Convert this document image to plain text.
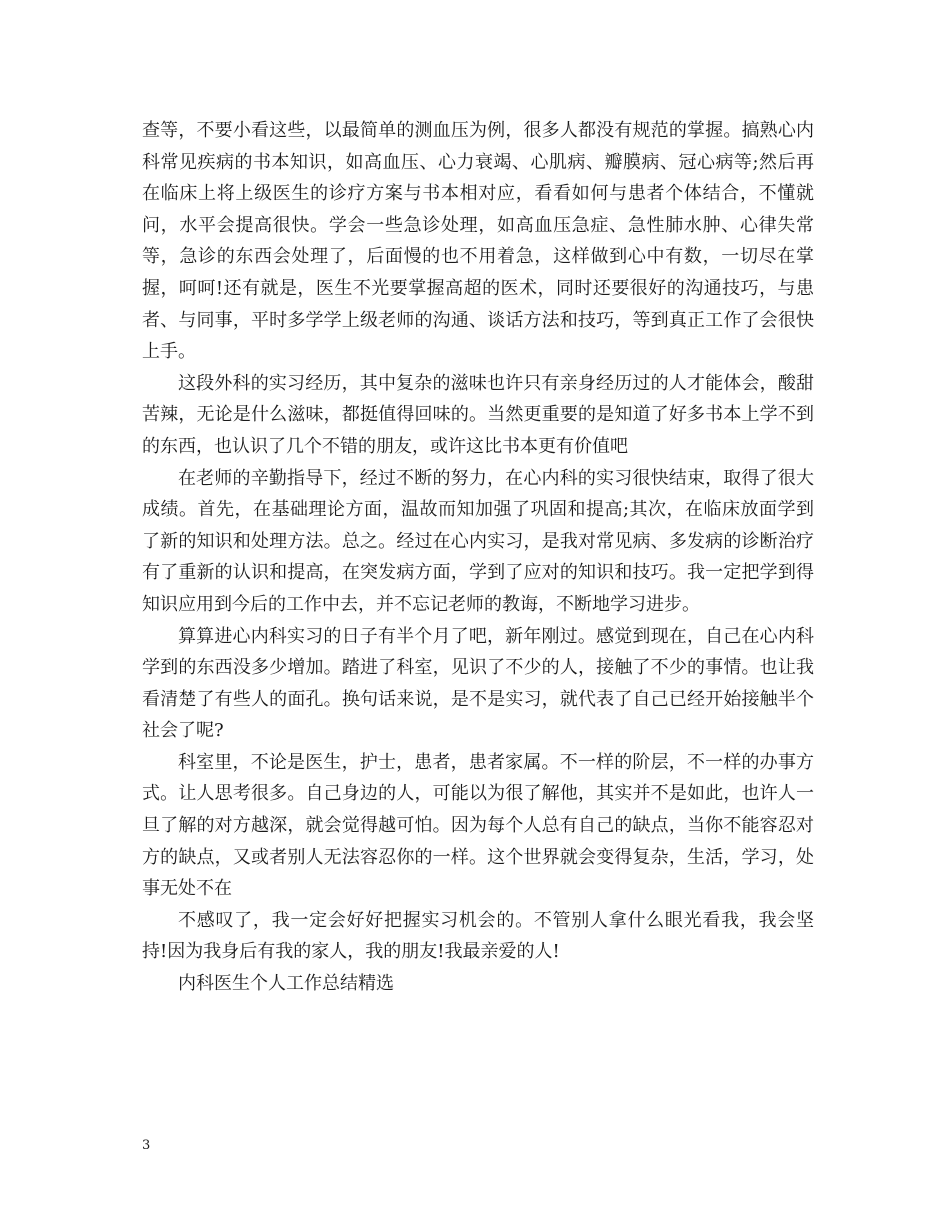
查等，不要小看这些，以最简单的测血压为例，很多人都没有规范的掌握。搞熟心内科常见疾病的书本知识，如高血压、心力衰竭、心肌病、瓣膜病、冠心病等;然后再在临床上将上级医生的诊疗方案与书本相对应，看看如何与患者个体结合，不懂就问，水平会提高很快。学会一些急诊处理，如高血压急症、急性肺水肿、心律失常等，急诊的东西会处理了，后面慢的也不用着急，这样做到心中有数，一切尽在掌握，呵呵!还有就是，医生不光要掌握高超的医术，同时还要很好的沟通技巧，与患者、与同事，平时多学学上级老师的沟通、谈话方法和技巧，等到真正工作了会很快上手。

这段外科的实习经历，其中复杂的滋味也许只有亲身经历过的人才能体会，酸甜苦辣，无论是什么滋味，都挺值得回味的。当然更重要的是知道了好多书本上学不到的东西，也认识了几个不错的朋友，或许这比书本更有价值吧

在老师的辛勤指导下，经过不断的努力，在心内科的实习很快结束，取得了很大成绩。首先，在基础理论方面，温故而知加强了巩固和提高;其次，在临床放面学到了新的知识和处理方法。总之。经过在心内实习，是我对常见病、多发病的诊断治疗有了重新的认识和提高，在突发病方面，学到了应对的知识和技巧。我一定把学到得知识应用到今后的工作中去，并不忘记老师的教诲，不断地学习进步。

算算进心内科实习的日子有半个月了吧，新年刚过。感觉到现在，自己在心内科学到的东西没多少增加。踏进了科室，见识了不少的人，接触了不少的事情。也让我看清楚了有些人的面孔。换句话来说，是不是实习，就代表了自己已经开始接触半个社会了呢?

科室里，不论是医生，护士，患者，患者家属。不一样的阶层，不一样的办事方式。让人思考很多。自己身边的人，可能以为很了解他，其实并不是如此，也许人一旦了解的对方越深，就会觉得越可怕。因为每个人总有自己的缺点，当你不能容忍对方的缺点，又或者别人无法容忍你的一样。这个世界就会变得复杂，生活，学习，处事无处不在

不感叹了，我一定会好好把握实习机会的。不管别人拿什么眼光看我，我会坚持!因为我身后有我的家人，我的朋友!我最亲爱的人!

内科医生个人工作总结精选

3
